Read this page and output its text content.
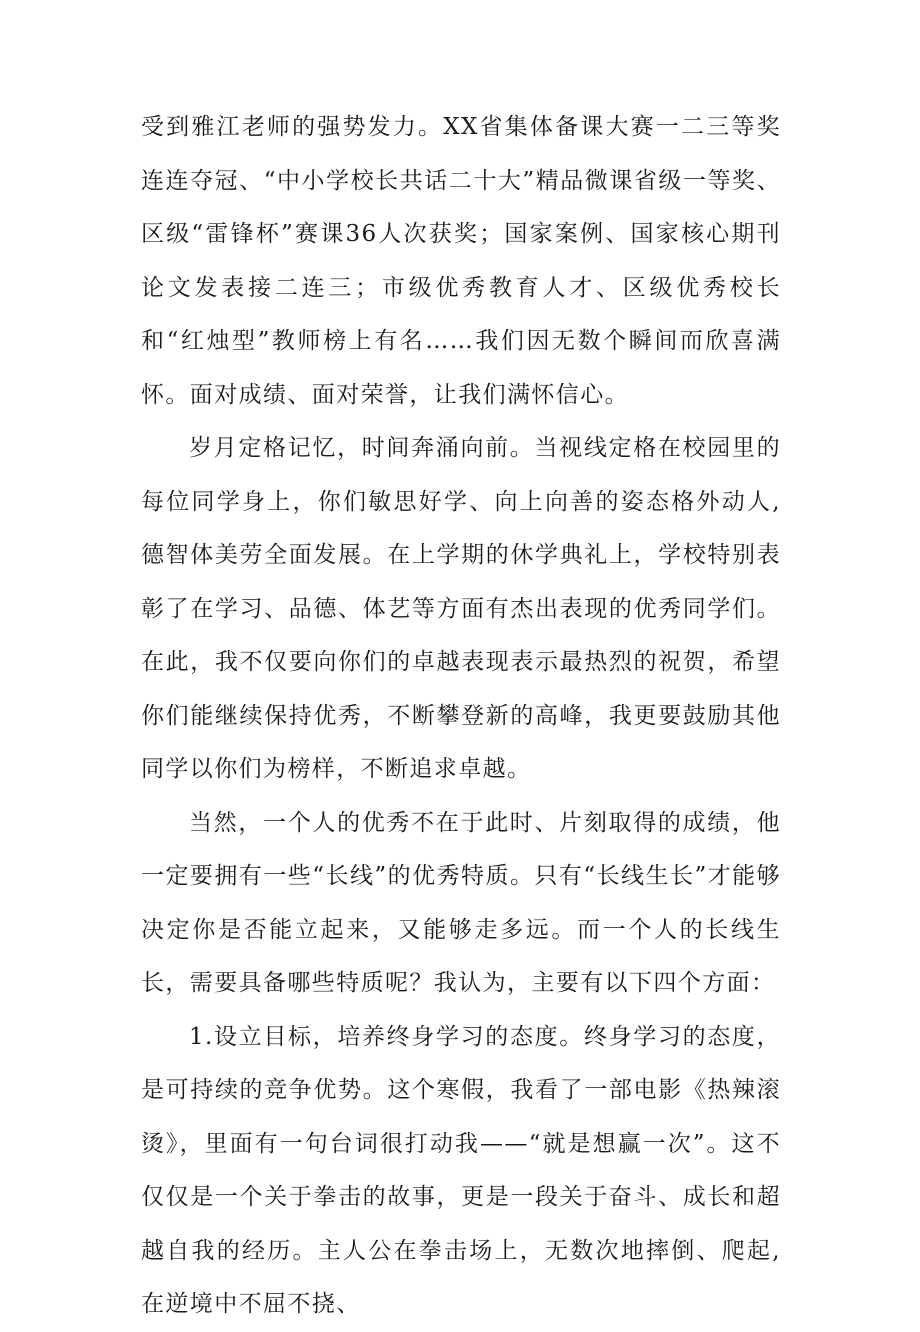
受到雅江老师的强势发力。XX省集体备课大赛一二三等奖连连夺冠、“中小学校长共话二十大”精品微课省级一等奖、区级“雷锋杯”赛课36人次获奖；国家案例、国家核心期刊论文发表接二连三；市级优秀教育人才、区级优秀校长和“红烛型”教师榜上有名……我们因无数个瞬间而欣喜满怀。面对成绩、面对荣誉，让我们满怀信心。

岁月定格记忆，时间奔涌向前。当视线定格在校园里的每位同学身上，你们敏思好学、向上向善的姿态格外动人,德智体美劳全面发展。在上学期的休学典礼上，学校特别表彰了在学习、品德、体艺等方面有杰出表现的优秀同学们。在此，我不仅要向你们的卓越表现表示最热烈的祝贺，希望你们能继续保持优秀，不断攀登新的高峰，我更要鼓励其他同学以你们为榜样，不断追求卓越。

当然，一个人的优秀不在于此时、片刻取得的成绩，他一定要拥有一些“长线”的优秀特质。只有“长线生长”才能够决定你是否能立起来，又能够走多远。而一个人的长线生长，需要具备哪些特质呢？我认为，主要有以下四个方面：

1.设立目标，培养终身学习的态度。终身学习的态度，是可持续的竞争优势。这个寒假，我看了一部电影《热辣滚烫》，里面有一句台词很打动我——“就是想赢一次”。这不仅仅是一个关于拳击的故事，更是一段关于奋斗、成长和超越自我的经历。主人公在拳击场上，无数次地摔倒、爬起,在逆境中不屈不挠、
